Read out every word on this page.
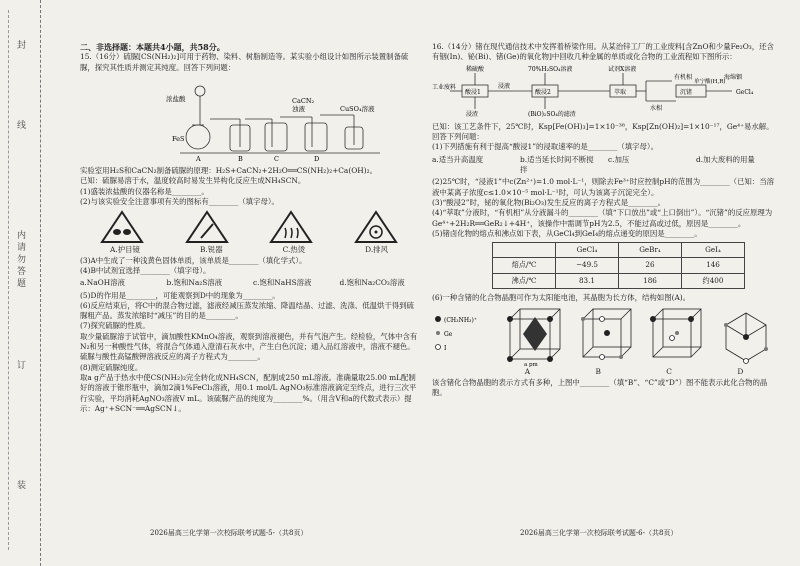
封
线
内
请
勿
答
题
订
装

二、非选择题：本题共4小题，共58分。

15.（16分）硫脲[CS(NH₂)₂]可用于药物、染料、树脂制造等。某实验小组设计如图所示装置制备硫脲，探究其性质并测定其纯度。回答下列问题：

浓盐酸
FeS
A	B	C	D
CaCN₂
浊液	CuSO₄溶液

实验室用H₂S和CaCN₂制备硫脲的原理：H₂S+CaCN₂+2H₂O══CS(NH₂)₂+Ca(OH)₂。

已知：硫脲易溶于水，温度较高时易发生异构化反应生成NH₄SCN。

(1)盛装浓盐酸的仪器名称是________。

(2)与该实验安全注意事项有关的图标有________（填字母）。

A.护目镜	B.锐器	C.热烫	D.排风

(3)A中生成了一种浅黄色固体单质，该单质是________（填化学式）。

(4)B中试剂宜选择________（填字母）。

a.NaOH溶液	b.饱和Na₂S溶液	c.饱和NaHS溶液	d.饱和Na₂CO₃溶液

(5)D的作用是________，可能观察到D中的现象为________。

(6)反应结束后，将C中的混合物过滤，滤液经减压蒸发浓缩、降温结晶、过滤、洗涤、低温烘干得到硫脲粗产品。蒸发浓缩时“减压”的目的是________。

(7)探究硫脲的性质。

取少量硫脲溶于试管中，滴加酸性KMnO₄溶液，观察到溶液褪色，并有气泡产生。经检验，气体中含有N₂和另一种酸性气体，将混合气体通入澄清石灰水中，产生白色沉淀；通入品红溶液中，溶液不褪色。硫脲与酸性高锰酸钾溶液反应的离子方程式为________。

(8)测定硫脲纯度。

取a g产品于热水中使CS(NH₂)₂完全转化成NH₄SCN，配制成250 mL溶液。准确量取25.00 mL配制好的溶液于锥形瓶中，滴加2滴1%FeCl₃溶液，用0.1 mol/L AgNO₃标准溶液滴定至终点，进行三次平行实验，平均消耗AgNO₃溶液V mL。该硫脲产品的纯度为________%。（用含V和a的代数式表示）提示：Ag⁺+SCN⁻══AgSCN↓。

2026届高三化学第一次校际联考试题-5-（共8页）

16.（14分）锗在现代通信技术中发挥着桥梁作用。从某治锌工厂的工业废料[含ZnO和少量Fe₂O₃，还含有铟(In)、铋(Bi)、锗(Ge)的氧化物]中回收几种金属的单质或化合物的工业流程如下图所示：

工业废料
稀硫酸
酸浸1
浸液
70%H₂SO₄溶液
酸浸2
试剂X溶液
萃取
有机相	海绵铟
水相
单宁酸(H,R)
沉锗	GeCl₄
浸渣	(BiO)₂SO₄的滤渣

已知：该工艺条件下，25℃时，Ksp[Fe(OH)₃]=1×10⁻³⁸，Ksp[Zn(OH)₂]=1×10⁻¹⁷，Ge⁴⁺易水解。

回答下列问题：

(1)下列措施有利于提高“酸浸1”的浸取速率的是________（填字母）。

a.适当升高温度	b.适当延长时间不断搅拌
c.加压	d.加大废料的用量

(2)25℃时，“浸液1”中c(Zn²⁺)=1.0 mol·L⁻¹，则除去Fe³⁺时应控制pH的范围为________（已知：当溶液中某离子浓度c≤1.0×10⁻⁵ mol·L⁻¹时，可认为该离子沉淀完全）。

(3)“酸浸2”时，铋的氧化物(Bi₂O₃)发生反应的离子方程式是________。

(4)“萃取”分液时，“有机相”从分液漏斗的________（填“下口放出”或“上口倒出”）。“沉锗”的反应原理为Ge⁴⁺+2H₂R══GeR₂↓+4H⁺，该操作中需调节pH为2.5，不能过高或过低，原因是________。

(5)锗卤化物的熔点和沸点如下表，从GeCl₄到GeI₄的熔点递变的原因是________。

	GeCl₄	GeBr₄	GeI₄
熔点/℃	−49.5	26	146
沸点/℃	83.1	186	约400

(6)一种含锗的化合物晶胞可作为太阳能电池，其晶胞为长方体，结构如图(A)。

(CH₃NH₃)⁺
Ge
I
a pm
A	B	C	D

该含锗化合物晶胞的表示方式有多种，上图中________（填“B”、“C”或“D”）图不能表示此化合物的晶胞。

2026届高三化学第一次校际联考试题-6-（共8页）
